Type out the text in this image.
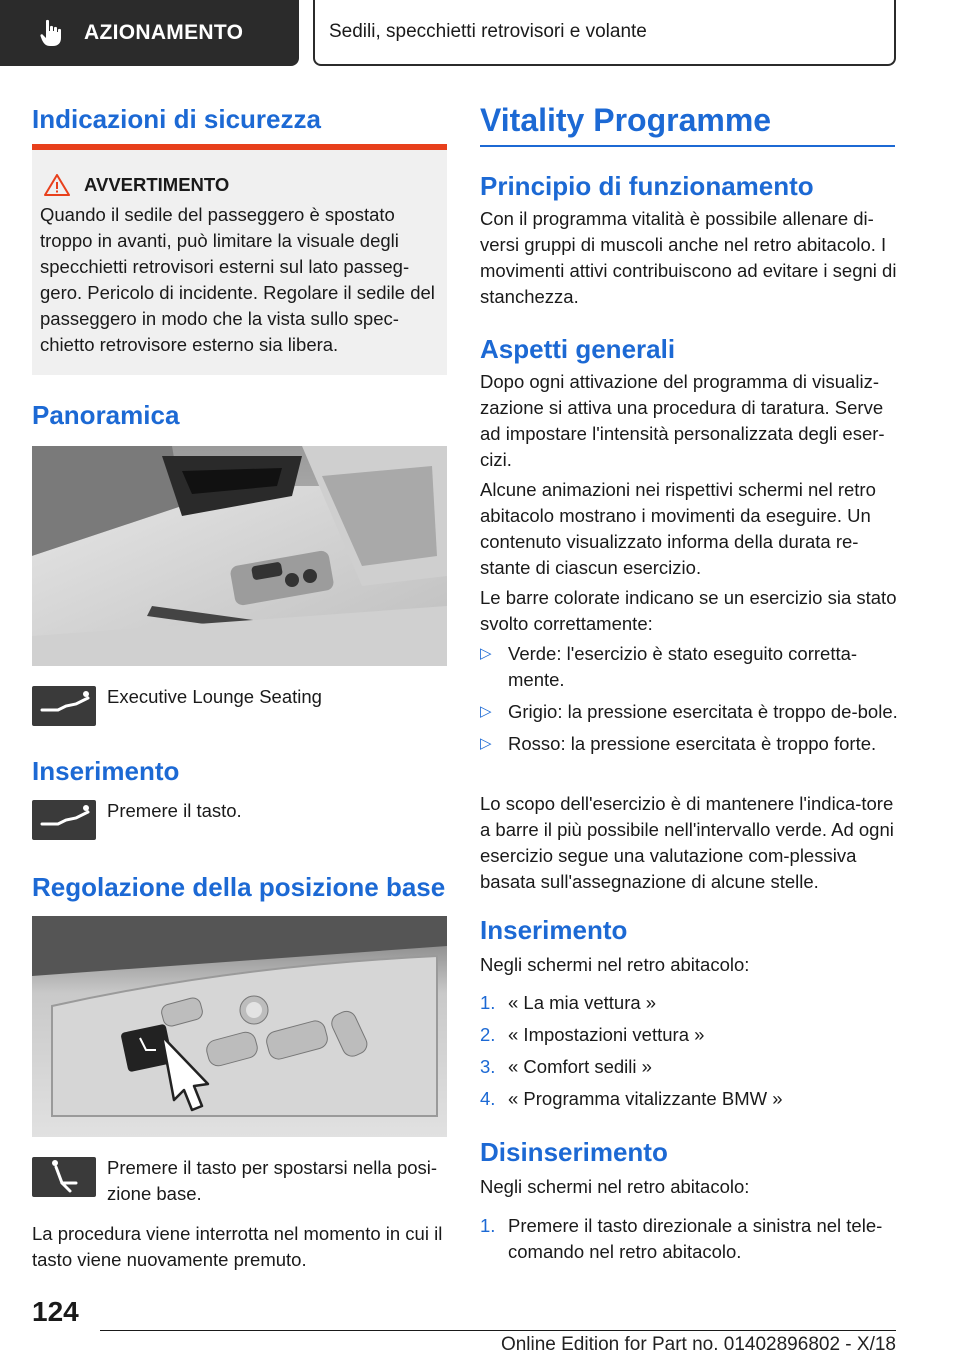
AZIONAMENTO	Sedili, specchietti retrovisori e volante
Indicazioni di sicurezza
AVVERTIMENTO

Quando il sedile del passeggero è spostato troppo in avanti, può limitare la visuale degli specchietti retrovisori esterni sul lato passeg-gero. Pericolo di incidente. Regolare il sedile del passeggero in modo che la vista sullo spec-chietto retrovisore esterno sia libera.

Panoramica

Executive Lounge Seating

Inserimento

Premere il tasto.

Regolazione della posizione base

Premere il tasto per spostarsi nella posi-zione base.

La procedura viene interrotta nel momento in cui il tasto viene nuovamente premuto.

Vitality Programme
Principio di funzionamento

Con il programma vitalità è possibile allenare di-versi gruppi di muscoli anche nel retro abitacolo. I movimenti attivi contribuiscono ad evitare i segni di stanchezza.

Aspetti generali

Dopo ogni attivazione del programma di visualiz-zazione si attiva una procedura di taratura. Serve ad impostare l'intensità personalizzata degli eser-cizi.

Alcune animazioni nei rispettivi schermi nel retro abitacolo mostrano i movimenti da eseguire. Un contenuto visualizzato informa della durata re-stante di ciascun esercizio.

Le barre colorate indicano se un esercizio sia stato svolto correttamente:

▷ Verde: l'esercizio è stato eseguito corretta-mente.
▷ Grigio: la pressione esercitata è troppo de-bole.
▷ Rosso: la pressione esercitata è troppo forte.

Lo scopo dell'esercizio è di mantenere l'indica-tore a barre il più possibile nell'intervallo verde. Ad ogni esercizio segue una valutazione com-plessiva basata sull'assegnazione di alcune stelle.

Inserimento

Negli schermi nel retro abitacolo:

1. « La mia vettura »
2. « Impostazioni vettura »
3. « Comfort sedili »
4. « Programma vitalizzante BMW »
Disinserimento

Negli schermi nel retro abitacolo:

1. Premere il tasto direzionale a sinistra nel tele-comando nel retro abitacolo.
124
Online Edition for Part no. 01402896802 - X/18
